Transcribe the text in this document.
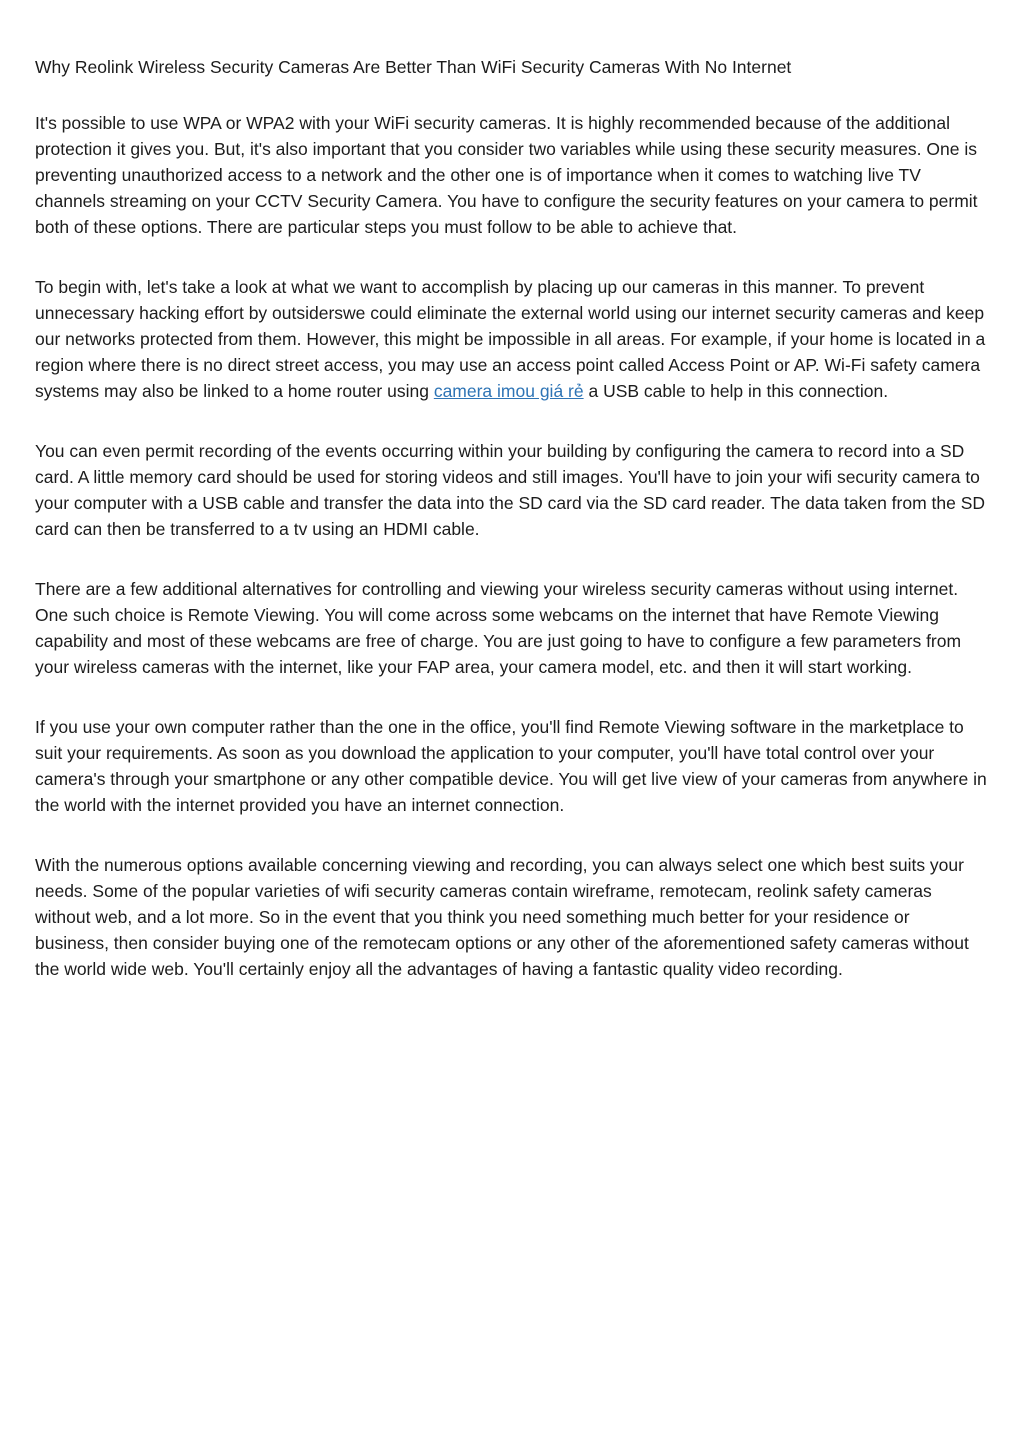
Why Reolink Wireless Security Cameras Are Better Than WiFi Security Cameras With No Internet

It's possible to use WPA or WPA2 with your WiFi security cameras. It is highly recommended because of the additional protection it gives you. But, it's also important that you consider two variables while using these security measures. One is preventing unauthorized access to a network and the other one is of importance when it comes to watching live TV channels streaming on your CCTV Security Camera. You have to configure the security features on your camera to permit both of these options. There are particular steps you must follow to be able to achieve that.

To begin with, let's take a look at what we want to accomplish by placing up our cameras in this manner. To prevent unnecessary hacking effort by outsiderswe could eliminate the external world using our internet security cameras and keep our networks protected from them. However, this might be impossible in all areas. For example, if your home is located in a region where there is no direct street access, you may use an access point called Access Point or AP. Wi-Fi safety camera systems may also be linked to a home router using camera imou giá rẻ a USB cable to help in this connection.

You can even permit recording of the events occurring within your building by configuring the camera to record into a SD card. A little memory card should be used for storing videos and still images. You'll have to join your wifi security camera to your computer with a USB cable and transfer the data into the SD card via the SD card reader. The data taken from the SD card can then be transferred to a tv using an HDMI cable.

There are a few additional alternatives for controlling and viewing your wireless security cameras without using internet. One such choice is Remote Viewing. You will come across some webcams on the internet that have Remote Viewing capability and most of these webcams are free of charge. You are just going to have to configure a few parameters from your wireless cameras with the internet, like your FAP area, your camera model, etc. and then it will start working.

If you use your own computer rather than the one in the office, you'll find Remote Viewing software in the marketplace to suit your requirements. As soon as you download the application to your computer, you'll have total control over your camera's through your smartphone or any other compatible device. You will get live view of your cameras from anywhere in the world with the internet provided you have an internet connection.

With the numerous options available concerning viewing and recording, you can always select one which best suits your needs. Some of the popular varieties of wifi security cameras contain wireframe, remotecam, reolink safety cameras without web, and a lot more. So in the event that you think you need something much better for your residence or business, then consider buying one of the remotecam options or any other of the aforementioned safety cameras without the world wide web. You'll certainly enjoy all the advantages of having a fantastic quality video recording.
